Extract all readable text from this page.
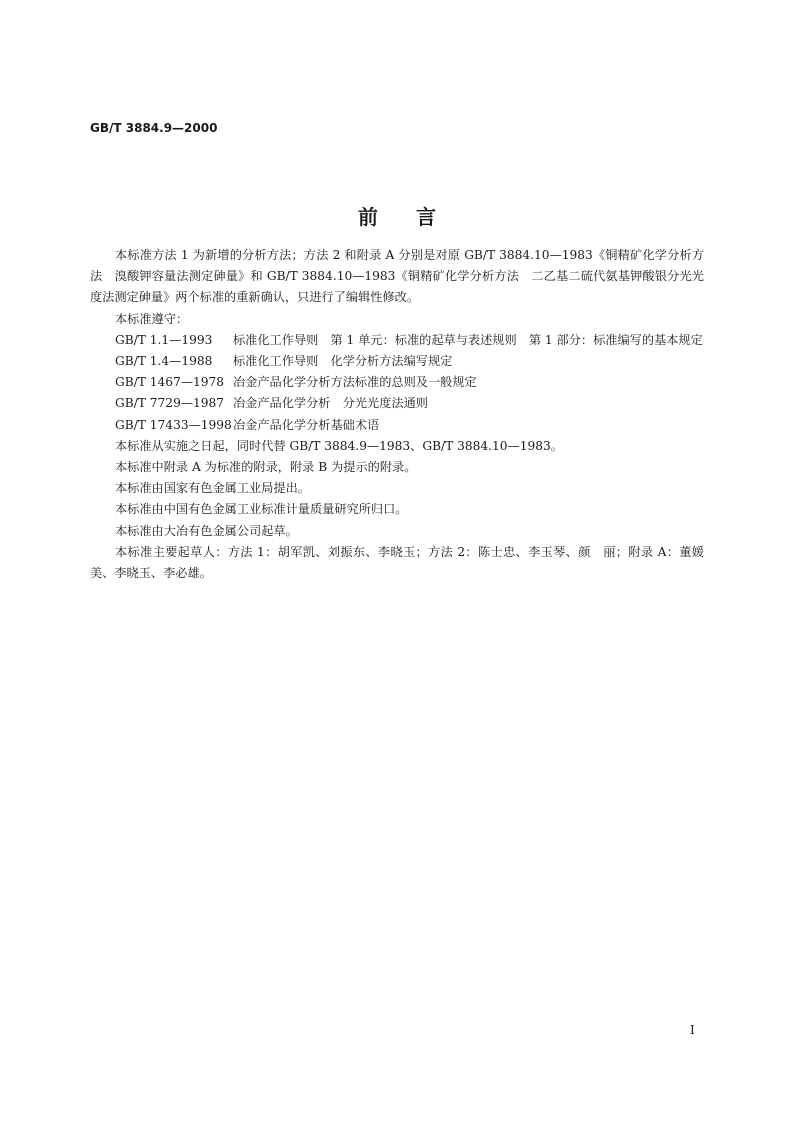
GB/T 3884.9—2000
前言

本标准方法 1 为新增的分析方法；方法 2 和附录 A 分别是对原 GB/T 3884.10—1983《铜精矿化学分析方法　溴酸钾容量法测定砷量》和 GB/T 3884.10—1983《铜精矿化学分析方法　二乙基二硫代氨基钾酸银分光光度法测定砷量》两个标准的重新确认，只进行了编辑性修改。

本标准遵守：

GB/T 1.1—1993	标准化工作导则　第 1 单元：标准的起草与表述规则　第 1 部分：标准编写的基本规定
GB/T 1.4—1988	标准化工作导则　化学分析方法编写规定
GB/T 1467—1978 冶金产品化学分析方法标准的总则及一般规定
GB/T 7729—1987 冶金产品化学分析　分光光度法通则
GB/T 17433—1998 冶金产品化学分析基础术语

本标准从实施之日起，同时代替 GB/T 3884.9—1983、GB/T 3884.10—1983。

本标准中附录 A 为标准的附录，附录 B 为提示的附录。

本标准由国家有色金属工业局提出。

本标准由中国有色金属工业标准计量质量研究所归口。

本标准由大冶有色金属公司起草。

本标准主要起草人：方法 1：胡军凯、刘振东、李晓玉；方法 2：陈士忠、李玉琴、颜　丽；附录 A：董媛美、李晓玉、李必雄。

I
